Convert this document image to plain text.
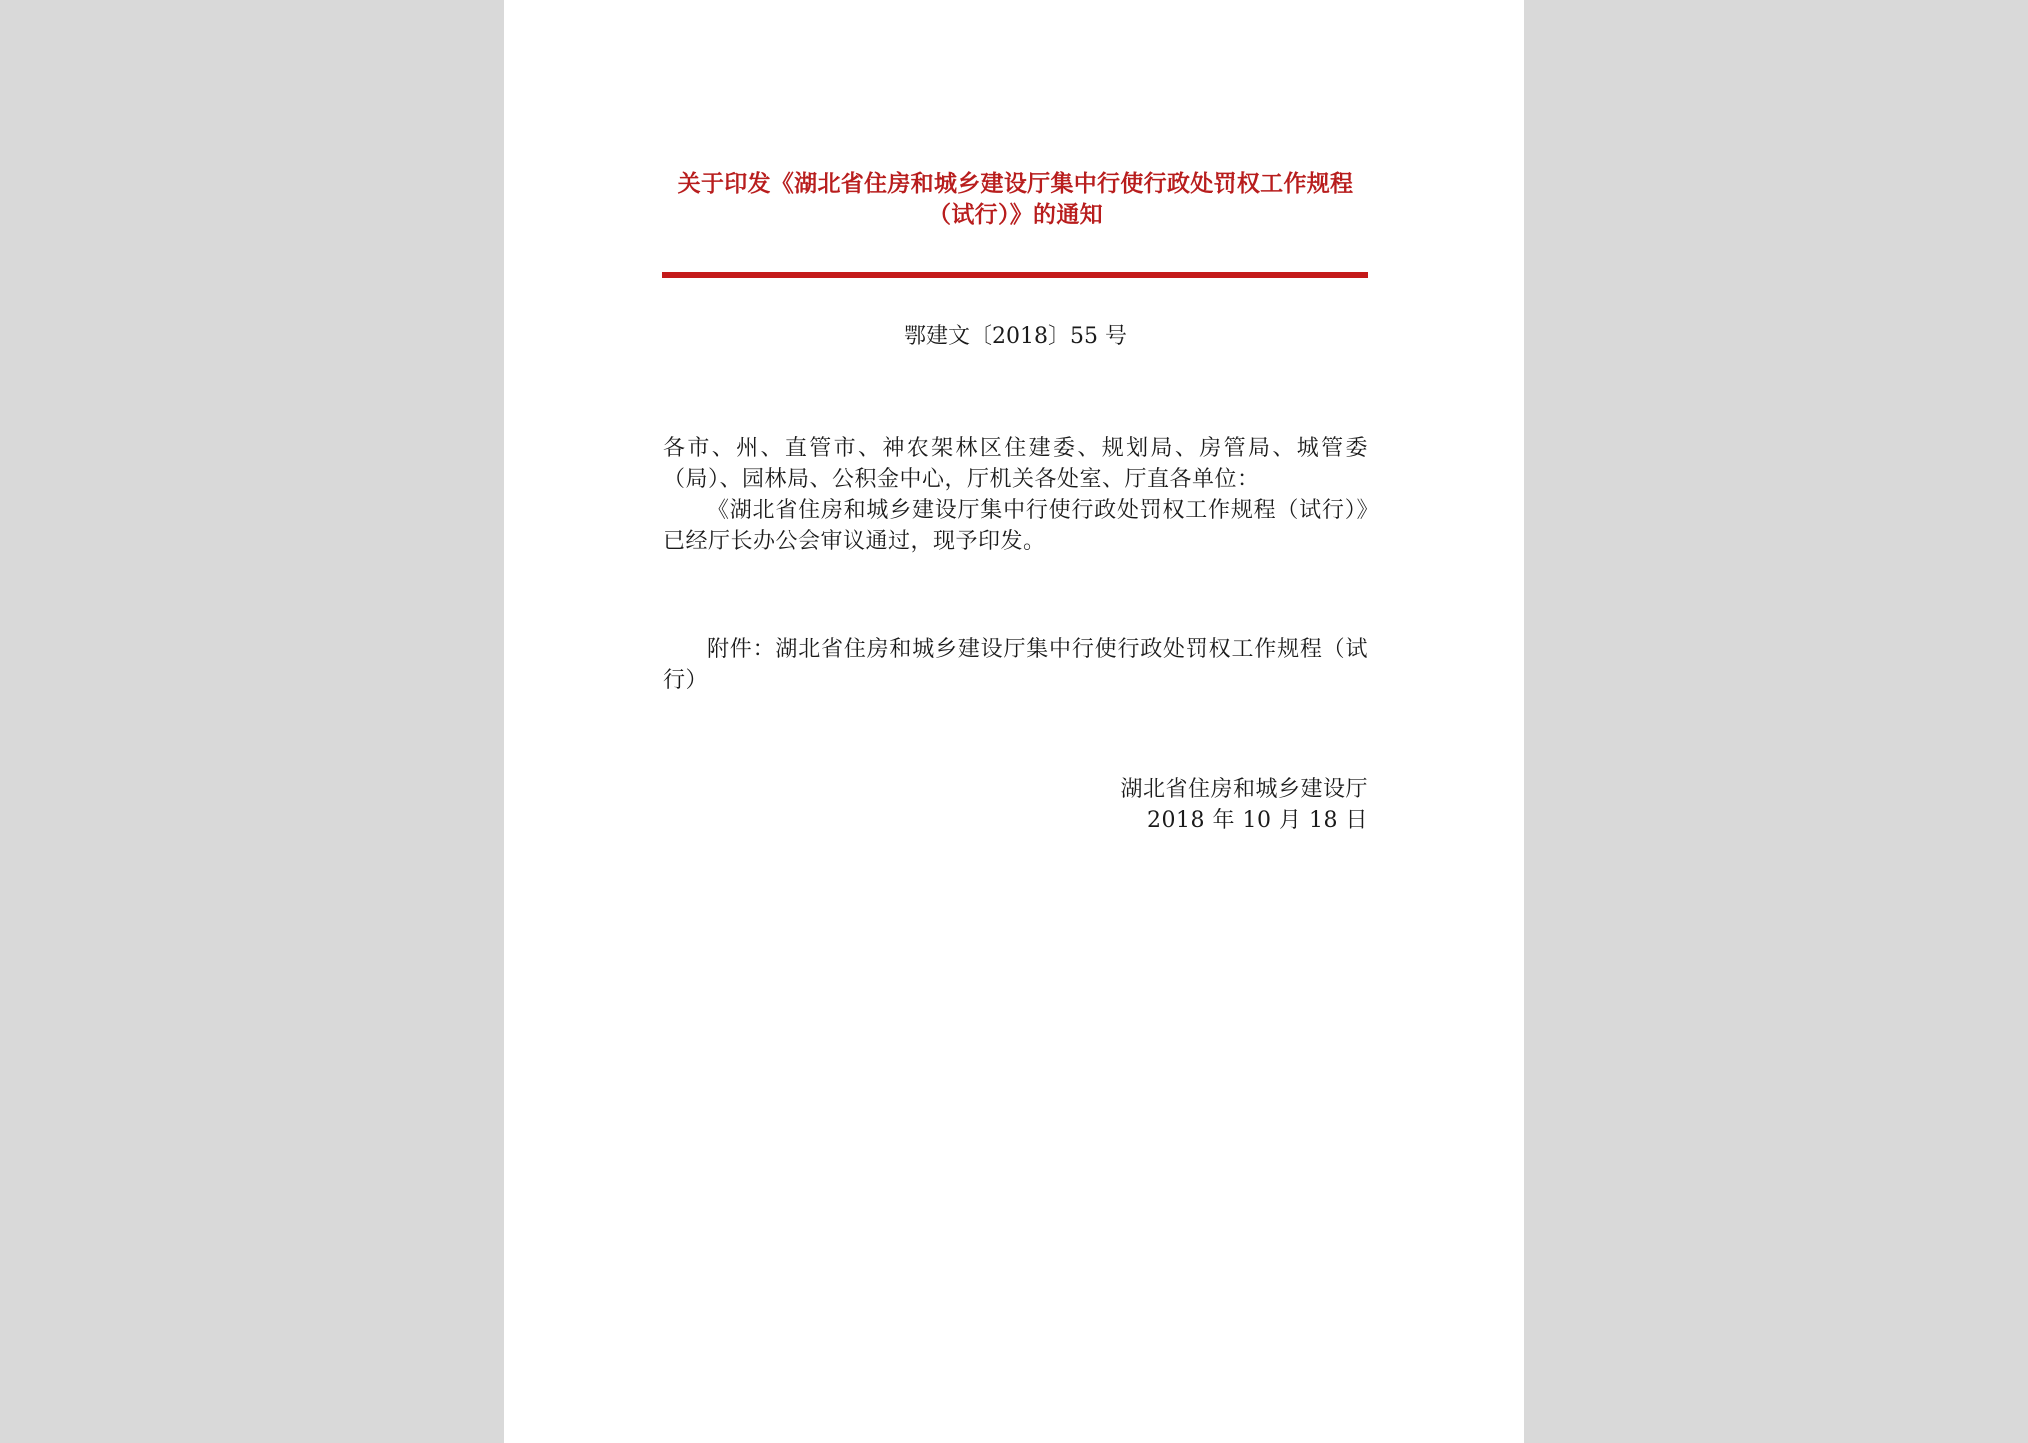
关于印发《湖北省住房和城乡建设厅集中行使行政处罚权工作规程
（试行）》的通知
鄂建文〔2018〕55 号
各市、州、直管市、神农架林区住建委、规划局、房管局、城管委（局）、园林局、公积金中心，厅机关各处室、厅直各单位：
《湖北省住房和城乡建设厅集中行使行政处罚权工作规程（试行）》已经厅长办公会审议通过，现予印发。
附件：湖北省住房和城乡建设厅集中行使行政处罚权工作规程（试行）
湖北省住房和城乡建设厅
2018 年 10 月 18 日
